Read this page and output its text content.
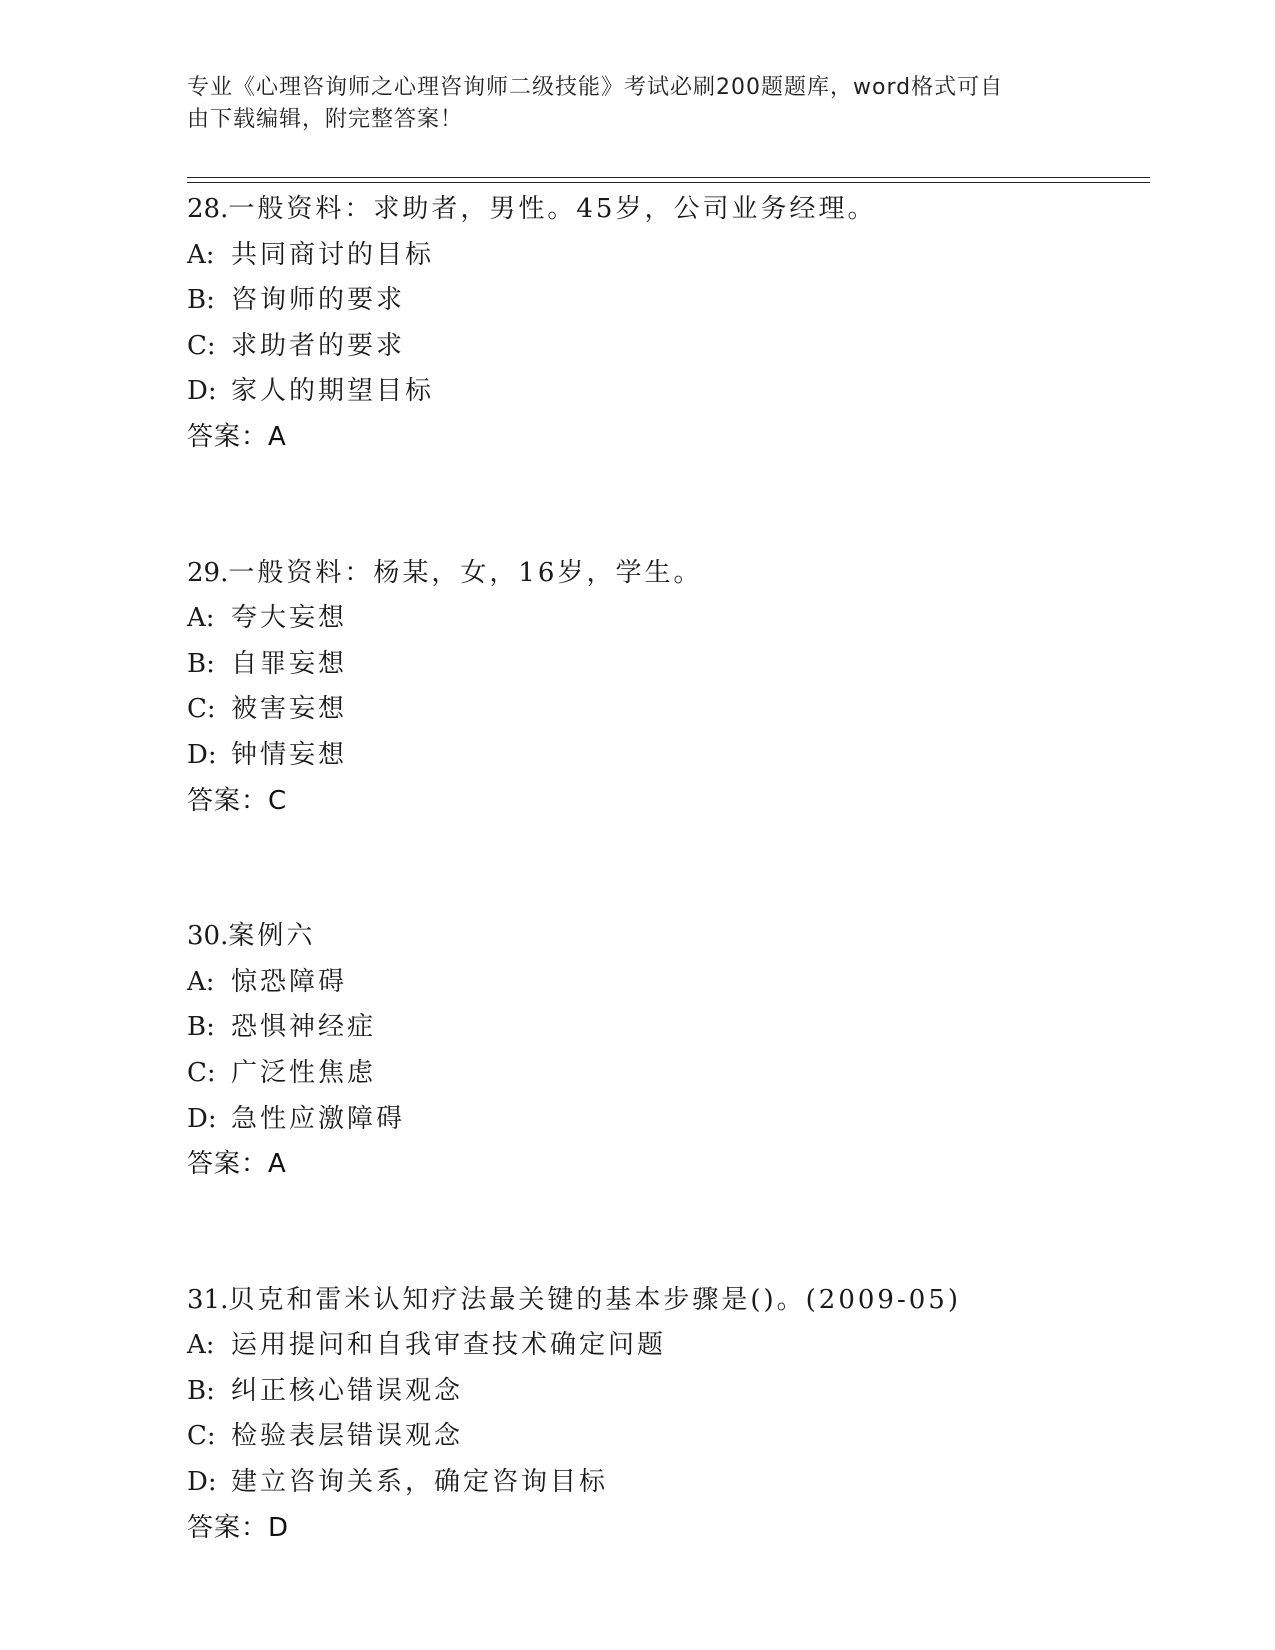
专业《心理咨询师之心理咨询师二级技能》考试必刷200题题库，word格式可自
由下载编辑，附完整答案！
28.一般资料：求助者，男性。45岁，公司业务经理。
A: 共同商讨的目标
B: 咨询师的要求
C: 求助者的要求
D: 家人的期望目标
答案：A
29.一般资料：杨某，女，16岁，学生。
A: 夸大妄想
B: 自罪妄想
C: 被害妄想
D: 钟情妄想
答案：C
30.案例六
A: 惊恐障碍
B: 恐惧神经症
C: 广泛性焦虑
D: 急性应激障碍
答案：A
31.贝克和雷米认知疗法最关键的基本步骤是()。(2009-05)
A: 运用提问和自我审查技术确定问题
B: 纠正核心错误观念
C: 检验表层错误观念
D: 建立咨询关系，确定咨询目标
答案：D
